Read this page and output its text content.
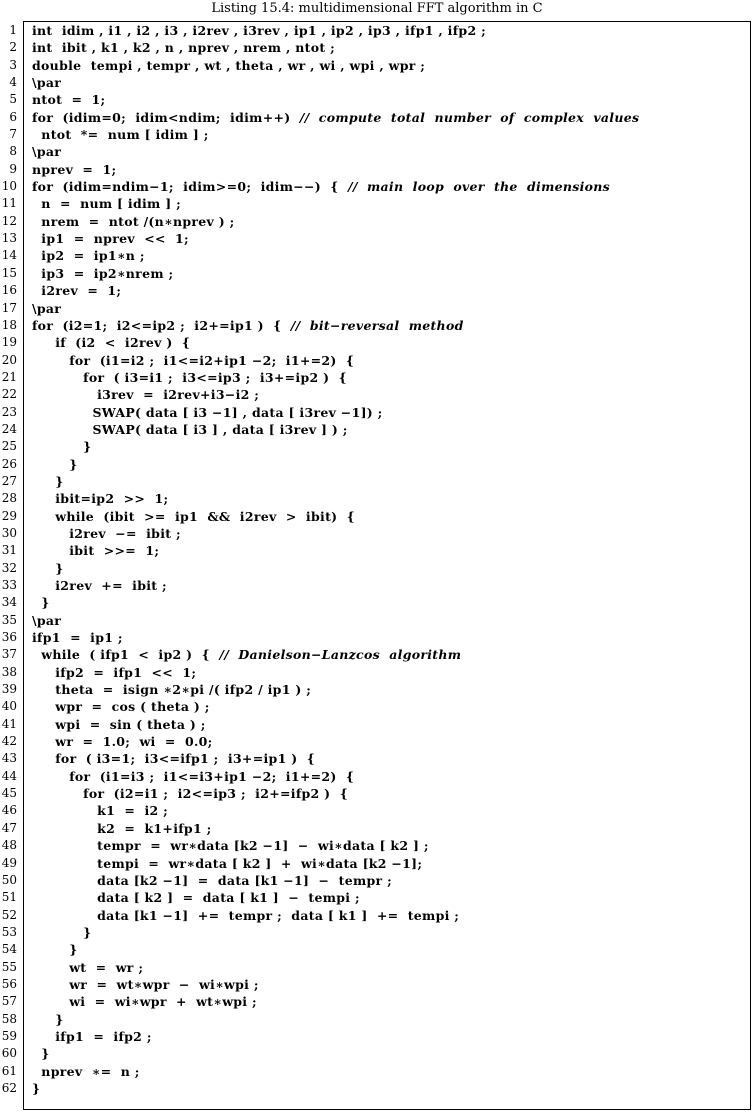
Listing 15.4: multidimensional FFT algorithm in C
1 int  idim , i1 , i2 , i3 , i2rev , i3rev , ip1 , ip2 , ip3 , ifp1 , ifp2 ;
2 int  ibit , k1 , k2 , n , nprev , nrem , ntot ;
3 double  tempi , tempr , wt , theta , wr , wi , wpi , wpr ;
4 \par
5 ntot  =  1;
6 for  (idim=0;  idim<ndim;  idim++)  //  compute  total  number  of  complex  values
7 ntot  *=  num [ idim ] ;
8 \par
9 nprev  =  1;
10 for  (idim=ndim−1;  idim>=0;  idim−−)  {  //  main  loop  over  the  dimensions
11 n  =  num [ idim ] ;
12 nrem  =  ntot /(n∗nprev ) ;
13 ip1  =  nprev  <<  1;
14 ip2  =  ip1∗n ;
15 ip3  =  ip2∗nrem ;
16 i2rev  =  1;
17 \par
18 for  (i2=1;  i2<=ip2 ;  i2+=ip1 )  {  //  bit−reversal  method
19 if  (i2  <  i2rev )  {
20 for  (i1=i2 ;  i1<=i2+ip1 −2;  i1+=2)  {
21 for  ( i3=i1 ;  i3<=ip3 ;  i3+=ip2 )  {
22 i3rev  =  i2rev+i3−i2 ;
23 SWAP( data [ i3 −1] , data [ i3rev −1]) ;
24 SWAP( data [ i3 ] , data [ i3rev ] ) ;
25 }
26 }
27 }
28 ibit=ip2  >>  1;
29 while  (ibit  >=  ip1  &&  i2rev  >  ibit)  {
30 i2rev  −=  ibit ;
31 ibit  >>=  1;
32 }
33 i2rev  +=  ibit ;
34 }
35 \par
36 ifp1  =  ip1 ;
37 while  ( ifp1  <  ip2 )  {  //  Danielson−Lanzcos  algorithm
38 ifp2  =  ifp1  <<  1;
39 theta  =  isign ∗2∗pi /( ifp2 / ip1 ) ;
40 wpr  =  cos ( theta ) ;
41 wpi  =  sin ( theta ) ;
42 wr  =  1.0;  wi  =  0.0;
43 for  ( i3=1;  i3<=ifp1 ;  i3+=ip1 )  {
44 for  (i1=i3 ;  i1<=i3+ip1 −2;  i1+=2)  {
45 for  (i2=i1 ;  i2<=ip3 ;  i2+=ifp2 )  {
46 k1  =  i2 ;
47 k2  =  k1+ifp1 ;
48 tempr  =  wr∗data [k2 −1]  −  wi∗data [ k2 ] ;
49 tempi  =  wr∗data [ k2 ]  +  wi∗data [k2 −1];
50 data [k2 −1]  =  data [k1 −1]  −  tempr ;
51 data [ k2 ]  =  data [ k1 ]  −  tempi ;
52 data [k1 −1]  +=  tempr ;  data [ k1 ]  +=  tempi ;
53 }
54 }
55 wt  =  wr ;
56 wr  =  wt∗wpr  −  wi∗wpi ;
57 wi  =  wi∗wpr  +  wt∗wpi ;
58 }
59 ifp1  =  ifp2 ;
60 }
61 nprev  ∗=  n ;
62 }
